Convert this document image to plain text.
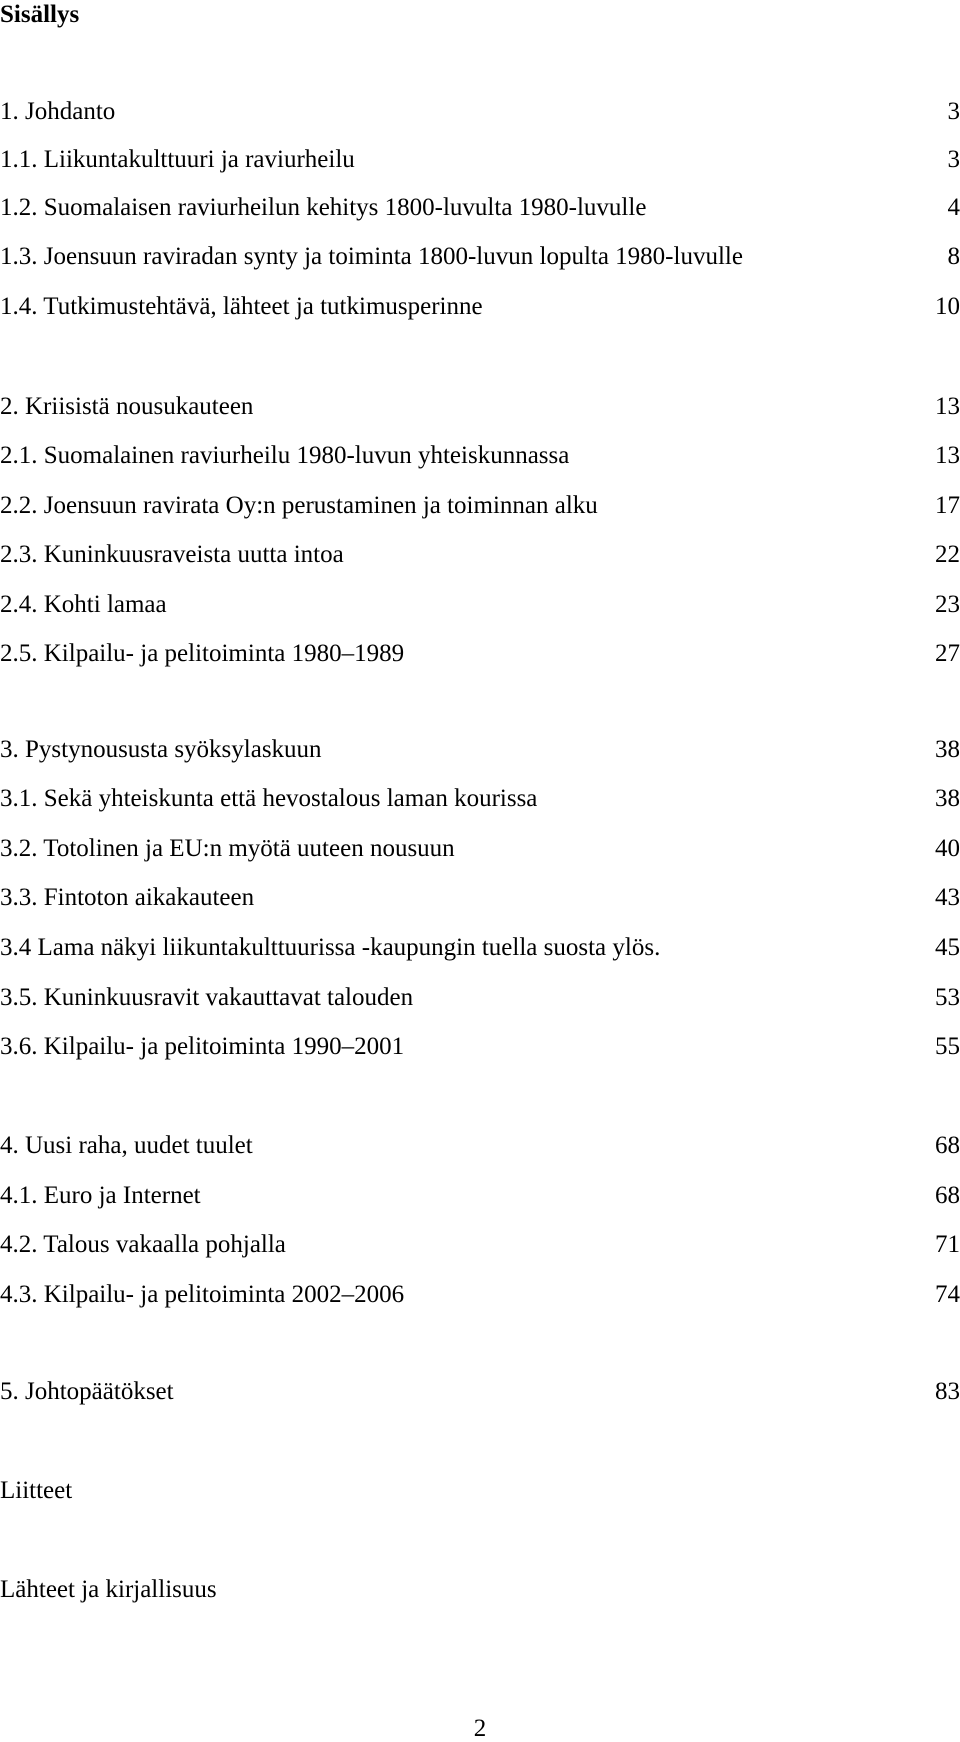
Sisällys
1. Johdanto	3
1.1. Liikuntakulttuuri ja raviurheilu	3
1.2. Suomalaisen raviurheilun kehitys 1800-luvulta 1980-luvulle	4
1.3. Joensuun raviradan synty ja toiminta 1800-luvun lopulta 1980-luvulle	8
1.4. Tutkimustehtävä, lähteet ja tutkimusperinne	10
2. Kriisistä nousukauteen	13
2.1. Suomalainen raviurheilu 1980-luvun yhteiskunnassa	13
2.2. Joensuun ravirata Oy:n perustaminen ja toiminnan alku	17
2.3. Kuninkuusraveista uutta intoa	22
2.4. Kohti lamaa	23
2.5. Kilpailu- ja pelitoiminta 1980–1989	27
3. Pystynoususta syöksylaskuun	38
3.1. Sekä yhteiskunta että hevostalous laman kourissa	38
3.2. Totolinen ja EU:n myötä uuteen nousuun	40
3.3. Fintoton aikakauteen	43
3.4 Lama näkyi liikuntakulttuurissa -kaupungin tuella suosta ylös.	45
3.5. Kuninkuusravit vakauttavat talouden	53
3.6. Kilpailu- ja pelitoiminta 1990–2001	55
4. Uusi raha, uudet tuulet	68
4.1. Euro ja Internet	68
4.2. Talous vakaalla pohjalla	71
4.3. Kilpailu- ja pelitoiminta 2002–2006	74
5. Johtopäätökset	83
Liitteet
Lähteet ja kirjallisuus
2
